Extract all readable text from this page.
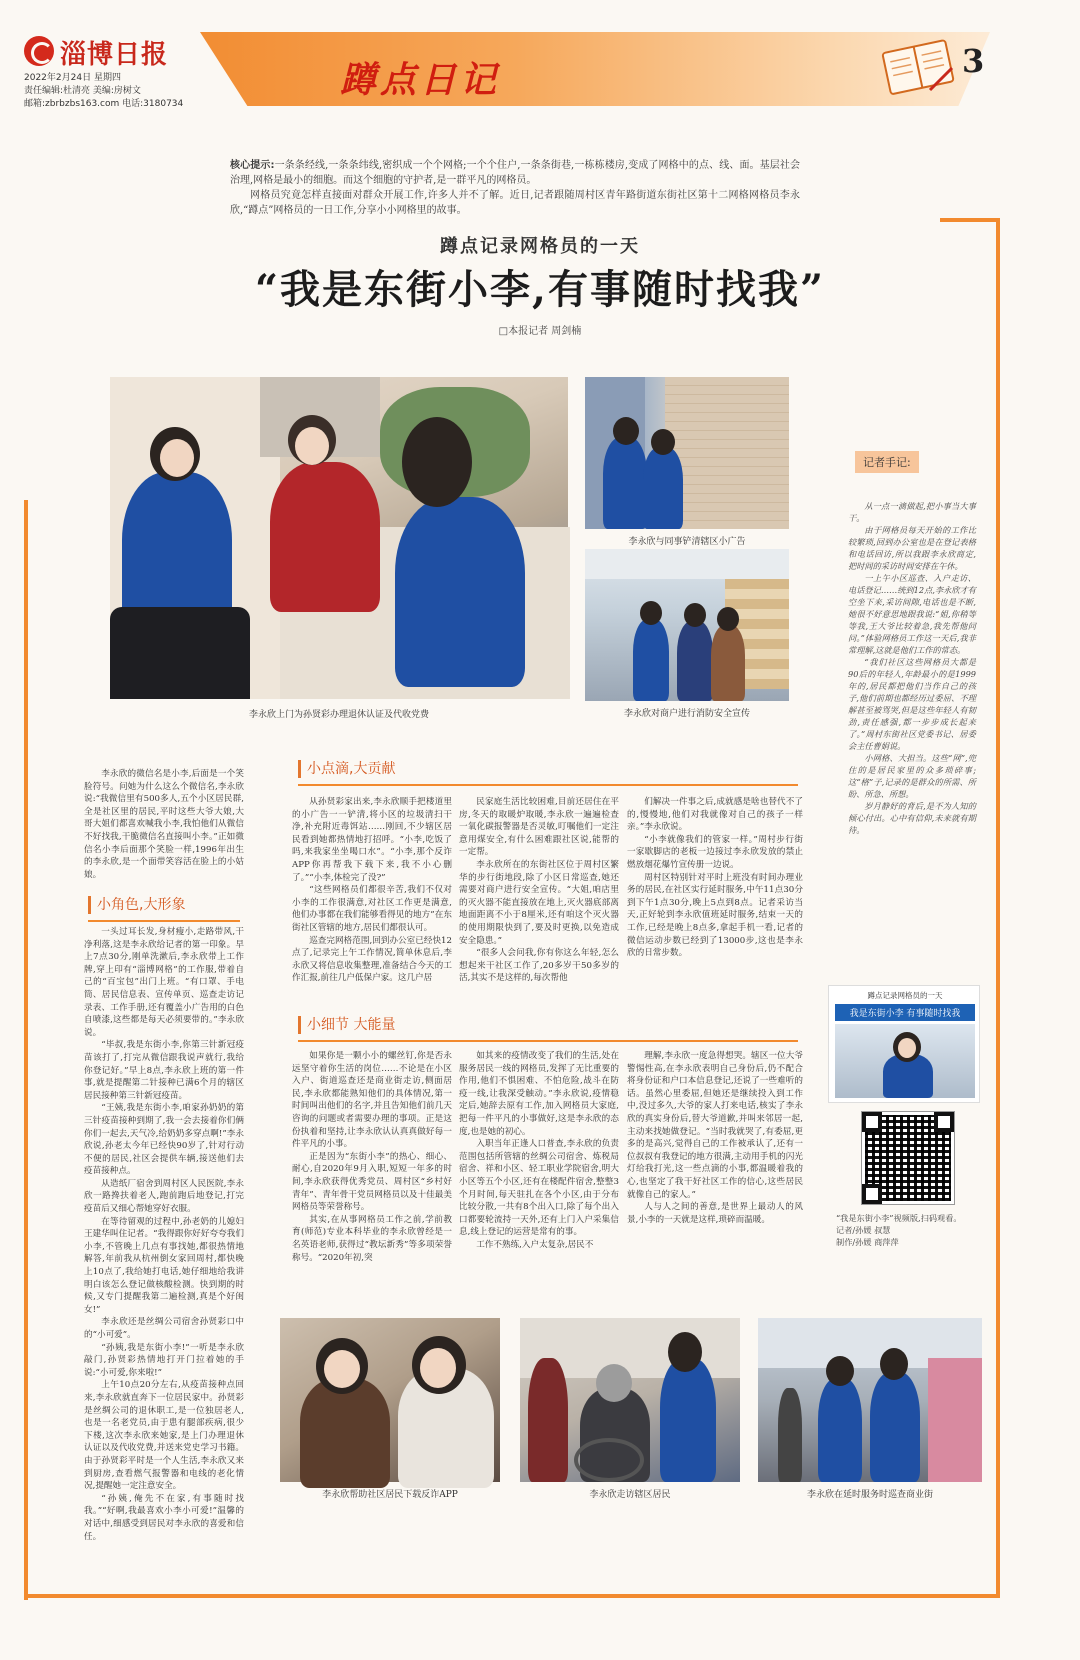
淄博日报
2022年2月24日 星期四
责任编辑:杜清亮 美编:房树文
邮箱:zbrbzbs163.com 电话:3180734
蹲点日记	3

核心提示:一条条经线,一条条纬线,密织成一个个网格;一个个住户,一条条街巷,一栋栋楼房,变成了网格中的点、线、面。基层社会治理,网格是最小的细胞。而这个细胞的守护者,是一群平凡的网格员。

网格员究竟怎样直接面对群众开展工作,许多人并不了解。近日,记者跟随周村区青年路街道东街社区第十二网格网格员李永欣,“蹲点”网格员的一日工作,分享小小网格里的故事。

蹲点记录网格员的一天
“我是东街小李,有事随时找我”
□本报记者 周剑楠
李永欣上门为孙贤彩办理退休认证及代收党费
李永欣与同事铲清辖区小广告
李永欣对商户进行消防安全宣传

李永欣的微信名是小李,后面是一个笑脸符号。问她为什么这么个微信名,李永欣说:“我微信里有500多人,五个小区居民群,全是社区里的居民,平时这些大爷大娘,大哥大姐们都喜欢喊我小李,我怕他们从微信不好找我,干脆微信名直接叫小李。”正如微信名小李后面那个笑脸一样,1996年出生的李永欣,是一个面带笑容活在脸上的小姑娘。

小角色,大形象

一头过耳长发,身材瘦小,走路带风,干净利落,这是李永欣给记者的第一印象。早上7点30分,刚单洗漱后,李永欣带上工作牌,穿上印有“淄博网格”的工作服,带着自己的“百宝包”出门上班。“有口罩、手电筒、居民信息表、宣传单页、巡查走访记录表、工作手册,还有覆盖小广告用的白色自喷漆,这些都是每天必须要带的。”李永欣说。

“毕叔,我是东街小李,你第三针新冠疫苗该打了,打完从微信跟我说声就行,我给你登记好。”早上8点,李永欣上班的第一件事,就是提醒第二针接种已满6个月的辖区居民接种第三针新冠疫苗。

“王姨,我是东街小李,咱家孙奶奶的第三针疫苗接种到期了,我一会去接着你们俩你们一起去,天气冷,给奶奶多穿点啊!”李永欣说,孙老太今年已经快90岁了,针对行动不便的居民,社区会提供车辆,接送他们去疫苗接种点。

从造纸厂宿舍到周村区人民医院,李永欣一路搀扶着老人,跑前跑后地登记,打完疫苗后又细心帮她穿好衣服。

在等待留观的过程中,孙老奶的儿媳妇王建华叫住记者。“我得跟你好好夸夸我们小李,不管晚上几点有事找她,都很热情地解答,年前我从杭州倒女家回周村,都快晚上10点了,我给她打电话,她仔细地给我讲明白该怎么登记做核酸检测。快到期的时候,又专门提醒我第二遍检测,真是个好闺女!”

李永欣还是丝绸公司宿舍孙贤彩口中的“小可爱”。

“孙姨,我是东街小李!”一听是李永欣敲门,孙贤彩热情地打开门拉着她的手说:“小可爱,你来啦!”

上午10点20分左右,从疫苗接种点回来,李永欣就直奔下一位居民家中。孙贤彩是丝绸公司的退休职工,是一位独居老人,也是一名老党员,由于患有腿部疾病,很少下楼,这次李永欣来她家,是上门办理退休认证以及代收党费,并送来党史学习书籍。由于孙贤彩平时是一个人生活,李永欣又来到厨房,查看燃气报警器和电线的老化情况,提醒她一定注意安全。

“孙姨,俺先不在家,有事随时找我。”“好啊,我最喜欢小李小可爱!”温馨的对话中,细感受到居民对李永欣的喜爱和信任。

小点滴,大贡献

从孙贤彩家出来,李永欣顺手把楼道里的小广告一一铲清,将小区的垃圾清扫干净,补充附近毒饵站……刚回,不少辖区居民看到她都热情地打招呼。“小李,吃饭了吗,来我家坐坐喝口水”。“小李,那个反诈APP你再帮我下载下来,我不小心删了。”“小李,体检完了没?”

“这些网格员们都很辛苦,我们不仅对小李的工作很满意,对社区工作更是满意,他们办事都在我们能够看得见的地方”在东街社区管辖的地方,居民们都很认可。

巡查完网格范围,回到办公室已经快12点了,记录完上午工作情况,简单休息后,李永欣又将信息收集整理,准备结合今天的工作汇报,前往几户低保户家。这几户居

民家庭生活比较困难,目前还居住在平房,冬天的取暖炉取暖,李永欣一遍遍检查一氧化碳报警器是否灵敏,叮嘱他们一定注意用煤安全,有什么困难跟社区说,能帮的一定帮。

李永欣所在的东街社区位于周村区繁华的步行街地段,除了小区日常巡查,她还需要对商户进行安全宣传。“大姐,咱店里的灭火器不能直接放在地上,灭火器底部离地面距离不小于8厘米,还有咱这个灭火器的使用期限快到了,要及时更换,以免造成安全隐患。”

“很多人会问我,你有你这么年轻,怎么想起来干社区工作了,20多岁干50多岁的活,其实不是这样的,每次帮他

们解决一件事之后,成就感是啥也替代不了的,慢慢地,他们对我就像对自己的孩子一样亲。”李永欣说。

“小李就像我们的管家一样。”周村步行街一家歇脚店的老板一边接过李永欣发放的禁止燃放烟花爆竹宣传册一边说。

周村区特别针对平时上班没有时间办理业务的居民,在社区实行延时服务,中午11点30分到下午1点30分,晚上5点到8点。记者采访当天,正好轮到李永欣值班延时服务,结束一天的工作,已经是晚上8点多,拿起手机一看,记者的微信运动步数已经到了13000步,这也是李永欣的日常步数。

小细节 大能量

如果你是一颗小小的螺丝钉,你是否永远坚守着你生活的岗位……不论是在小区入户、街道巡查还是商业街走访,侧面居民,李永欣都能熟知他们的具体情况,第一时间叫出他们的名字,并且告知他们前几天咨询的问题或者需要办理的事项。正是这份执着和坚持,让李永欣认认真真做好每一件平凡的小事。

正是因为“东街小李”的热心、细心、耐心,自2020年9月入职,短短一年多的时间,李永欣获得优秀党员、周村区“乡村好青年”、青年骨干党员网格员以及十佳最美网格员等荣誉称号。

其实,在从事网格员工作之前,学前教育(师范)专业本科毕业的李永欣曾经是一名英语老师,获得过“教坛新秀”等多项荣誉称号。“2020年初,突

如其来的疫情改变了我们的生活,处在服务居民一线的网格员,发挥了无比重要的作用,他们不惧困难、不怕危险,战斗在防疫一线,让我深受触动。”李永欣说,疫情稳定后,她辞去原有工作,加入网格员大家庭,把每一件平凡的小事做好,这是李永欣的态度,也是她的初心。

入职当年正逢人口普查,李永欣的负责范围包括所管辖的丝绸公司宿舍、炼税局宿舍、祥和小区、轻工职业学院宿舍,明大小区等五个小区,还有在楼配件宿舍,整整3个月时间,每天驻扎在各个小区,由于分布比较分散,一共有8个出入口,除了每个出入口都要轮流持一天外,还有上门入户采集信息,线上登记的运营是常有的事。

工作不熟练,入户太复杂,居民不

理解,李永欣一度急得想哭。辖区一位大爷警惕性高,在李永欣表明自己身份后,仍不配合将身份证和户口本信息登记,还说了一些难听的话。虽然心里委屈,但她还是继续投入到工作中,没过多久,大爷的家人打来电话,核实了李永欣的真实身份后,替大爷道歉,并叫来邻居一起,主动来找她做登记。“当时我就哭了,有委屈,更多的是高兴,觉得自己的工作被承认了,还有一位叔叔有我登记的地方很满,主动用手机的闪光灯给我打光,这一些点滴的小事,都温暖着我的心,也坚定了我干好社区工作的信心,这些居民就像自己的家人。”

人与人之间的善意,是世界上最动人的风景,小李的一天就是这样,琐碎而温暖。

李永欣帮助社区居民下载反诈APP	李永欣走访辖区居民	李永欣在延时服务时巡查商业街
记者手记:

从一点一滴做起,把小事当大事干。

由于网格员每天开始的工作比较繁琐,回到办公室也是在登记表格和电话回访,所以我跟李永欣商定,把时间的采访时间安排在午休。

一上午小区巡查、入户走访、电话登记……统到12点,李永欣才有空坐下来,采访间隙,电话也是不断,她很不好意思地跟我说:“姐,你稍等等我,王大爷比较着急,我先帮他问问。”体验网格员工作这一天后,我非常理解,这就是他们工作的常态。

“我们社区这些网格员大都是90后的年轻人,年龄最小的是1999年的,居民都把他们当作自己的孩子,他们前期也都经历过委屈、不理解甚至被骂哭,但是这些年轻人有韧劲,责任感强,都一步步成长起来了。”周村东街社区党委书记、居委会主任曹娟说。

小网格、大担当。这些“网”,兜住的是居民家里的众多琐碎事;这“格”子,记录的是群众的所需、所盼、所急、所想。

岁月静好的背后,是不为人知的倾心付出。心中有信仰,未来就有期待。

蹲点记录网格员的一天
我是东街小李 有事随时找我
“我是东街小李”视频版,扫码观看。
记者/孙媛 叔慧
制作/孙媛 商萍萍
